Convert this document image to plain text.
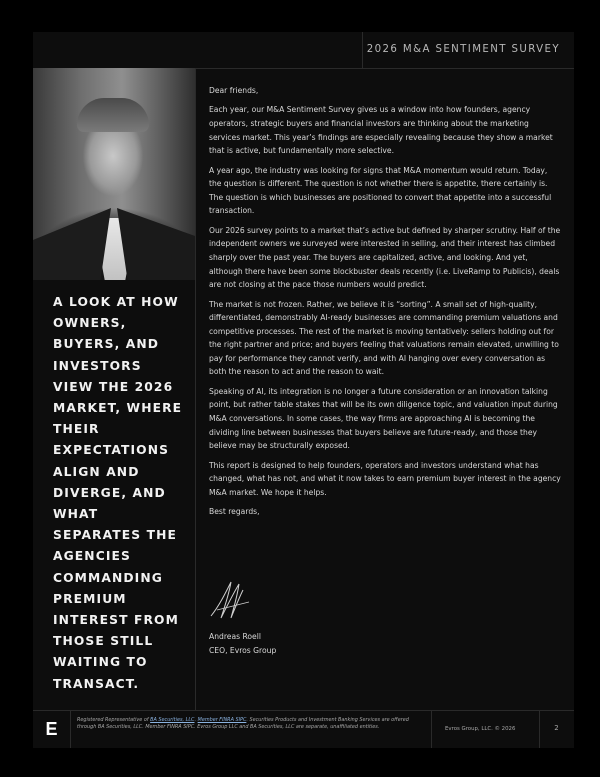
2026 M&A SENTIMENT SURVEY
A LOOK AT HOW OWNERS, BUYERS, AND INVESTORS VIEW THE 2026 MARKET, WHERE THEIR EXPECTATIONS ALIGN AND DIVERGE, AND WHAT SEPARATES THE AGENCIES COMMANDING PREMIUM INTEREST FROM THOSE STILL WAITING TO TRANSACT.

Dear friends,

Each year, our M&A Sentiment Survey gives us a window into how founders, agency operators, strategic buyers and financial investors are thinking about the marketing services market. This year’s findings are especially revealing because they show a market that is active, but fundamentally more selective.

A year ago, the industry was looking for signs that M&A momentum would return. Today, the question is different. The question is not whether there is appetite, there certainly is. The question is which businesses are positioned to convert that appetite into a successful transaction.

Our 2026 survey points to a market that’s active but defined by sharper scrutiny. Half of the independent owners we surveyed were interested in selling, and their interest has climbed sharply over the past year. The buyers are capitalized, active, and looking. And yet, although there have been some blockbuster deals recently (i.e. LiveRamp to Publicis), deals are not closing at the pace those numbers would predict.

The market is not frozen. Rather, we believe it is “sorting”. A small set of high-quality, differentiated, demonstrably AI-ready businesses are commanding premium valuations and competitive processes. The rest of the market is moving tentatively: sellers holding out for the right partner and price; and buyers feeling that valuations remain elevated, unwilling to pay for performance they cannot verify, and with AI hanging over every conversation as both the reason to act and the reason to wait.

Speaking of AI, its integration is no longer a future consideration or an innovation talking point, but rather table stakes that will be its own diligence topic, and valuation input during M&A conversations. In some cases, the way firms are approaching AI is becoming the dividing line between businesses that buyers believe are future-ready, and those they believe may be structurally exposed.

This report is designed to help founders, operators and investors understand what has changed, what has not, and what it now takes to earn premium buyer interest in the agency M&A market. We hope it helps.

Best regards,

Andreas Roell
CEO, Evros Group
E	Registered Representative of BA Securities, LLC. Member FINRA SIPC. Securities Products and Investment Banking Services are offered through BA Securities, LLC. Member FINRA SIPC. Evros Group LLC and BA Securities, LLC are separate, unaffiliated entities.	Evros Group, LLC. © 2026	2
